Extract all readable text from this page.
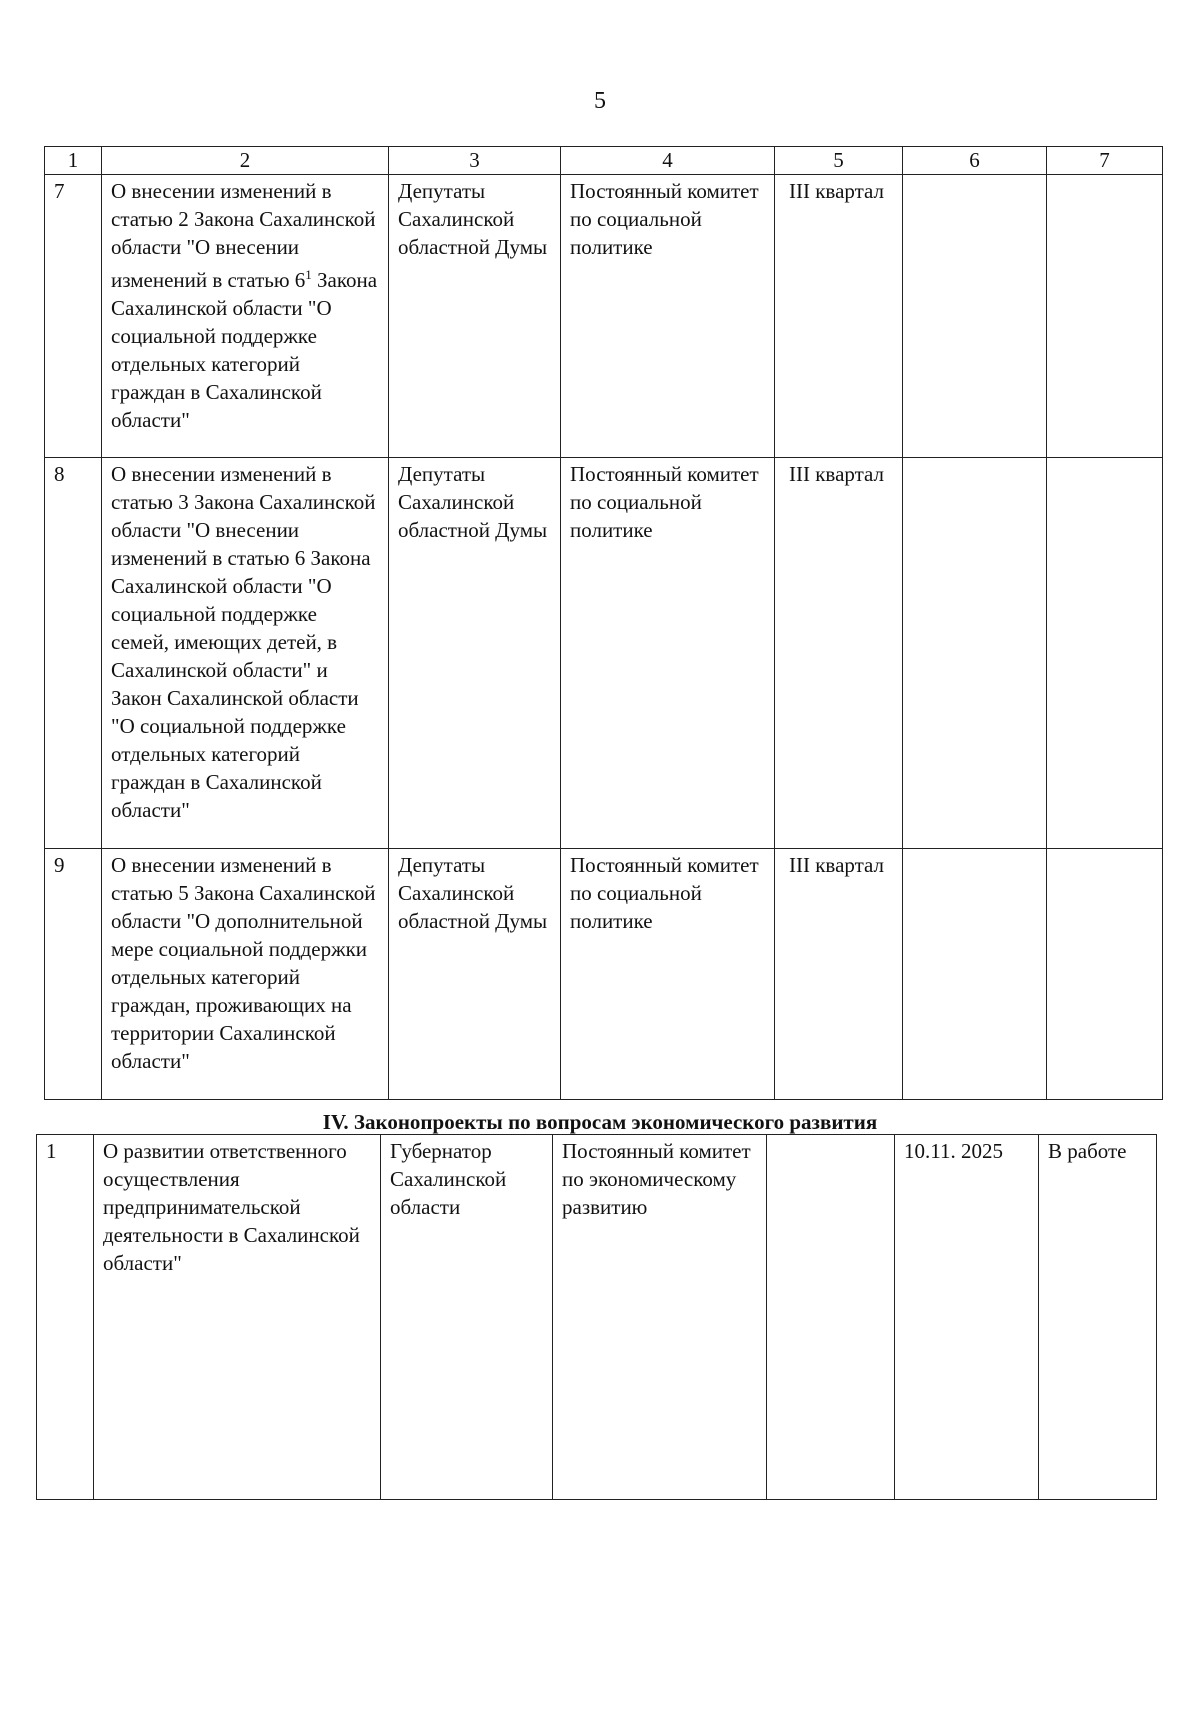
5
1	2	3	4	5	6	7
7	О внесении изменений в статью 2 Закона Сахалинской области "О внесении изменений в статью $6^1$ Закона Сахалинской области "О социальной поддержке отдельных категорий граждан в Сахалинской области"	Депутаты Сахалинской областной Думы	Постоянный комитет по социальной политике	III квартал		
8	О внесении изменений в статью 3 Закона Сахалинской области "О внесении изменений в статью 6 Закона Сахалинской области "О социальной поддержке семей, имеющих детей, в Сахалинской области" и Закон Сахалинской области "О социальной поддержке отдельных категорий граждан в Сахалинской области"	Депутаты Сахалинской областной Думы	Постоянный комитет по социальной политике	III квартал		
9	О внесении изменений в статью 5 Закона Сахалинской области "О дополнительной мере социальной поддержки отдельных категорий граждан, проживающих на территории Сахалинской области"	Депутаты Сахалинской областной Думы	Постоянный комитет по социальной политике	III квартал		
IV. Законопроекты по вопросам экономического развития
1	О развитии ответственного осуществления предпринимательской деятельности в Сахалинской области"	Губернатор Сахалинской области	Постоянный комитет по экономическому развитию		10.11. 2025	В работе
